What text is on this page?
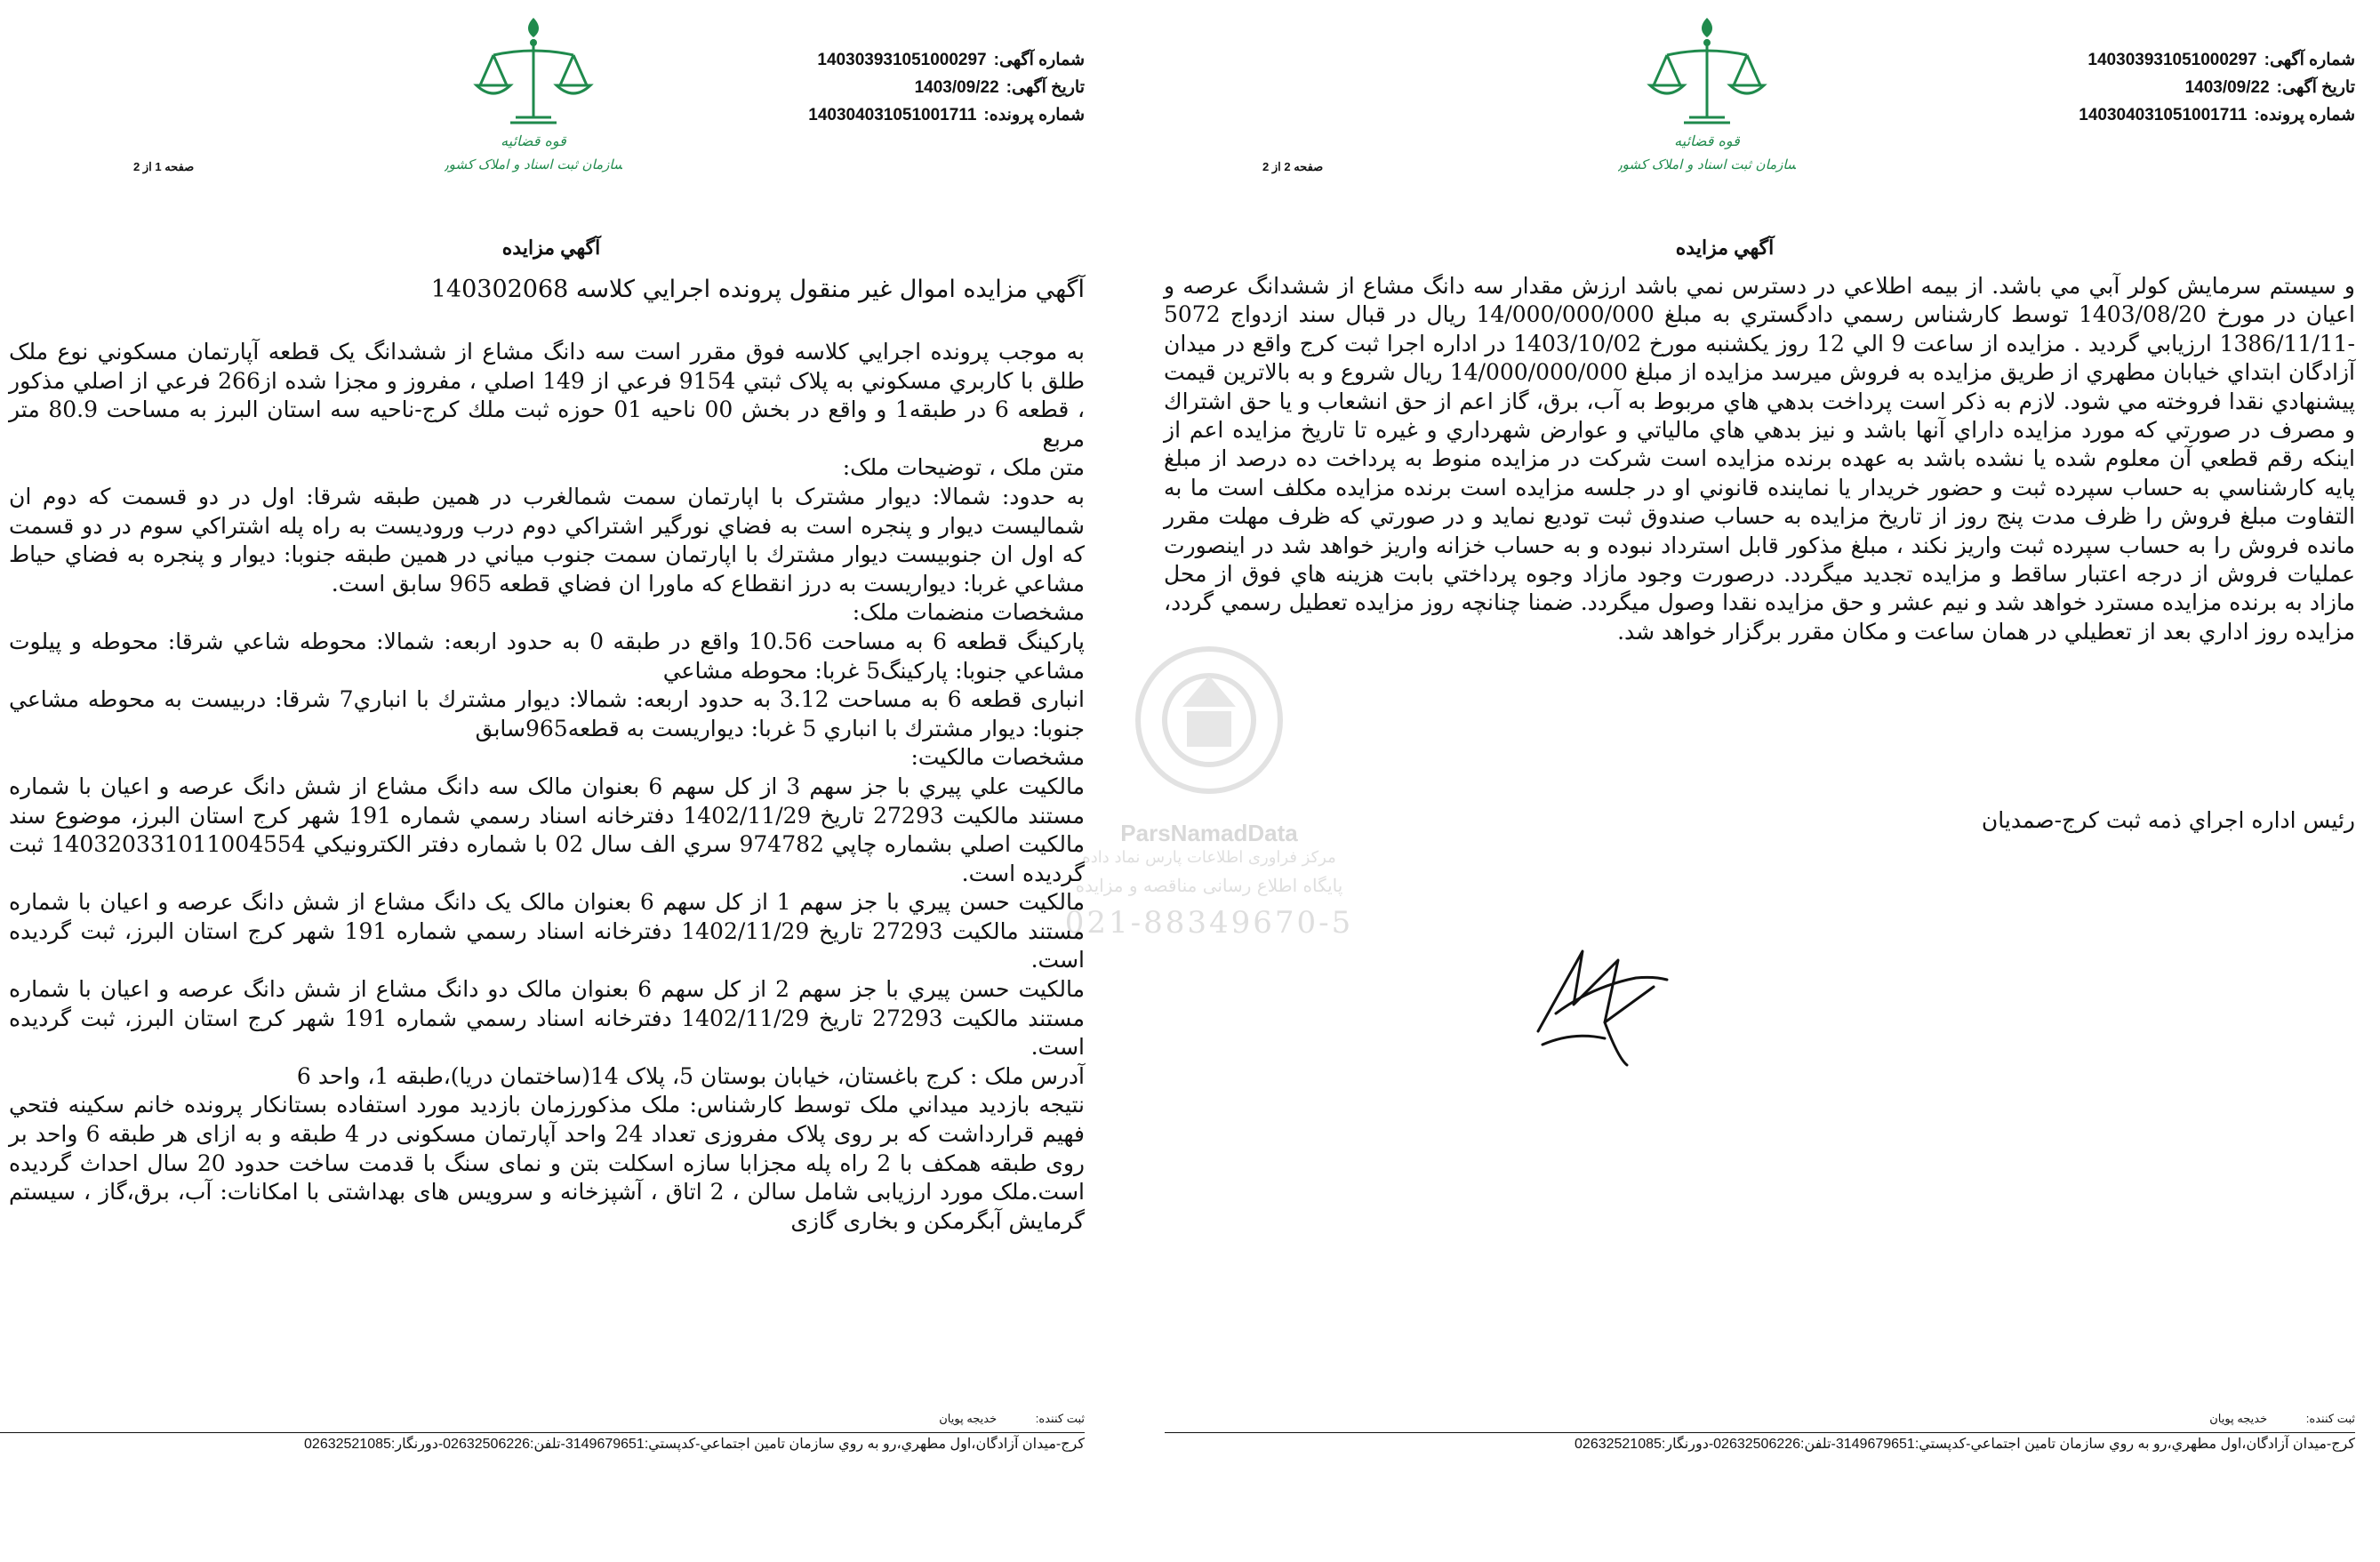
شماره آگهی:140303931051000297
تاریخ آگهی:1403/09/22
شماره پرونده:140304031051001711
قوه قضائیه
سازمان ثبت اسناد و املاک کشور
صفحه 1 از 2
آگهي مزايده
آگهي مزايده اموال غير منقول پرونده اجرايي كلاسه 140302068

به موجب پرونده اجرايي كلاسه فوق مقرر است سه دانگ مشاع از ششدانگ يک قطعه آپارتمان مسکوني نوع ملک طلق با کاربري مسکوني به پلاک ثبتي 9154 فرعي از 149 اصلي ، مفروز و مجزا شده از266 فرعي از اصلي مذکور ، قطعه 6 در طبقه1 و واقع در بخش 00 ناحيه 01 حوزه ثبت ملك كرج-ناحيه سه استان البرز به مساحت 80.9 متر مربع

متن ملک ، توضيحات ملک:

به حدود: شمالا: ديوار مشترک با اپارتمان سمت شمالغرب در همين طبقه شرقا: اول در دو قسمت كه دوم ان شماليست ديوار و پنجره است به فضاي نورگير اشتراكي دوم درب ورودیست به راه پله اشتراكي سوم در دو قسمت كه اول ان جنوبيست ديوار مشترك با اپارتمان سمت جنوب مياني در همين طبقه جنوبا: ديوار و پنجره به فضاي حياط مشاعي غربا: ديواريست به درز انقطاع كه ماورا ان فضاي قطعه 965 سابق است.

مشخصات منضمات ملک:

پارکينگ قطعه 6 به مساحت 10.56 واقع در طبقه 0 به حدود اربعه: شمالا: محوطه شاعي شرقا: محوطه و پيلوت مشاعي جنوبا: پارکينگ5 غربا: محوطه مشاعي

انباری قطعه 6 به مساحت 3.12 به حدود اربعه: شمالا: ديوار مشترك با انباري7 شرقا: دربيست به محوطه مشاعي جنوبا: ديوار مشترك با انباري 5 غربا: ديواريست به قطعه965سابق

مشخصات مالکيت:

مالکيت علي پيري با جز سهم 3 از کل سهم 6 بعنوان مالک سه دانگ مشاع از شش دانگ عرصه و اعيان با شماره مستند مالکيت 27293 تاريخ 1402/11/29 دفترخانه اسناد رسمي شماره 191 شهر کرج استان البرز، موضوع سند مالكيت اصلي بشماره چاپي 974782 سري الف سال 02 با شماره دفتر الكترونيكي 140320331011004554 ثبت گرديده است.

مالکيت حسن پيري با جز سهم 1 از کل سهم 6 بعنوان مالک يک دانگ مشاع از شش دانگ عرصه و اعيان با شماره مستند مالکيت 27293 تاريخ 1402/11/29 دفترخانه اسناد رسمي شماره 191 شهر کرج استان البرز، ثبت گرديده است.

مالکيت حسن پيري با جز سهم 2 از کل سهم 6 بعنوان مالک دو دانگ مشاع از شش دانگ عرصه و اعيان با شماره مستند مالکيت 27293 تاريخ 1402/11/29 دفترخانه اسناد رسمي شماره 191 شهر کرج استان البرز، ثبت گرديده است.

آدرس ملک : کرج باغستان، خيابان بوستان 5، پلاک 14(ساختمان دريا)،طبقه 1، واحد 6

نتيجه بازديد ميداني ملک توسط کارشناس: ملک مذکورزمان بازديد مورد استفاده بستانکار پرونده خانم سکينه فتحي فهيم قرارداشت که بر روی پلاک مفروزی تعداد 24 واحد آپارتمان مسکونی در 4 طبقه و به ازای هر طبقه 6 واحد بر روی طبقه همکف با 2 راه پله مجزابا سازه اسکلت بتن و نمای سنگ با قدمت ساخت حدود 20 سال احداث گرديده است.ملک مورد ارزيابی شامل سالن ، 2 اتاق ، آشپزخانه و سرويس های بهداشتی با امکانات: آب، برق،گاز ، سيستم گرمايش آبگرمکن و بخاری گازی

ثبت كننده: خديجه پويان
كرج-ميدان آزادگان،اول مطهري،رو به روي سازمان تامين اجتماعي-كدپستي:3149679651-تلفن:02632506226-دورنگار:02632521085
شماره آگهی:140303931051000297
تاریخ آگهی:1403/09/22
شماره پرونده:140304031051001711
قوه قضائیه
سازمان ثبت اسناد و املاک کشور
صفحه 2 از 2
آگهي مزايده

و سيستم سرمايش كولر آبي مي باشد. از بيمه اطلاعي در دسترس نمي باشد ارزش مقدار سه دانگ مشاع از ششدانگ عرصه و اعيان در مورخ 1403/08/20 توسط كارشناس رسمي دادگستري به مبلغ 14/000/000/000 ريال در قبال سند ازدواج 5072 -1386/11/11 ارزيابي گرديد . مزايده از ساعت 9 الي 12 روز يكشنبه مورخ 1403/10/02 در اداره اجرا ثبت كرج واقع در ميدان آزادگان ابتداي خيابان مطهري از طريق مزايده به فروش ميرسد مزايده از مبلغ 14/000/000/000 ريال شروع و به بالاترين قيمت پيشنهادي نقدا فروخته مي شود. لازم به ذكر است پرداخت بدهي هاي مربوط به آب، برق، گاز اعم از حق انشعاب و يا حق اشتراك و مصرف در صورتي كه مورد مزايده داراي آنها باشد و نيز بدهي هاي مالياتي و عوارض شهرداري و غيره تا تاريخ مزايده اعم از اينكه رقم قطعي آن معلوم شده يا نشده باشد به عهده برنده مزايده است شركت در مزايده منوط به پرداخت ده درصد از مبلغ پايه كارشناسي به حساب سپرده ثبت و حضور خريدار يا نماينده قانوني او در جلسه مزايده است برنده مزايده مكلف است ما به التفاوت مبلغ فروش را ظرف مدت پنج روز از تاريخ مزايده به حساب صندوق ثبت توديع نمايد و در صورتي كه ظرف مهلت مقرر مانده فروش را به حساب سپرده ثبت واريز نكند ، مبلغ مذكور قابل استرداد نبوده و به حساب خزانه واريز خواهد شد در اينصورت عمليات فروش از درجه اعتبار ساقط و مزايده تجديد ميگردد. درصورت وجود مازاد وجوه پرداختي بابت هزينه هاي فوق از محل مازاد به برنده مزايده مسترد خواهد شد و نيم عشر و حق مزايده نقدا وصول ميگردد. ضمنا چنانچه روز مزايده تعطيل رسمي گردد، مزايده روز اداري بعد از تعطيلي در همان ساعت و مكان مقرر برگزار خواهد شد.

رئيس اداره اجراي ذمه ثبت كرج-صمديان
ثبت كننده: خديجه پويان
كرج-ميدان آزادگان،اول مطهري،رو به روي سازمان تامين اجتماعي-كدپستي:3149679651-تلفن:02632506226-دورنگار:02632521085
ParsNamadData
مرکز فراوری اطلاعات پارس نماد داده
پایگاه اطلاع رسانی مناقصه و مزایده
021-88349670-5
